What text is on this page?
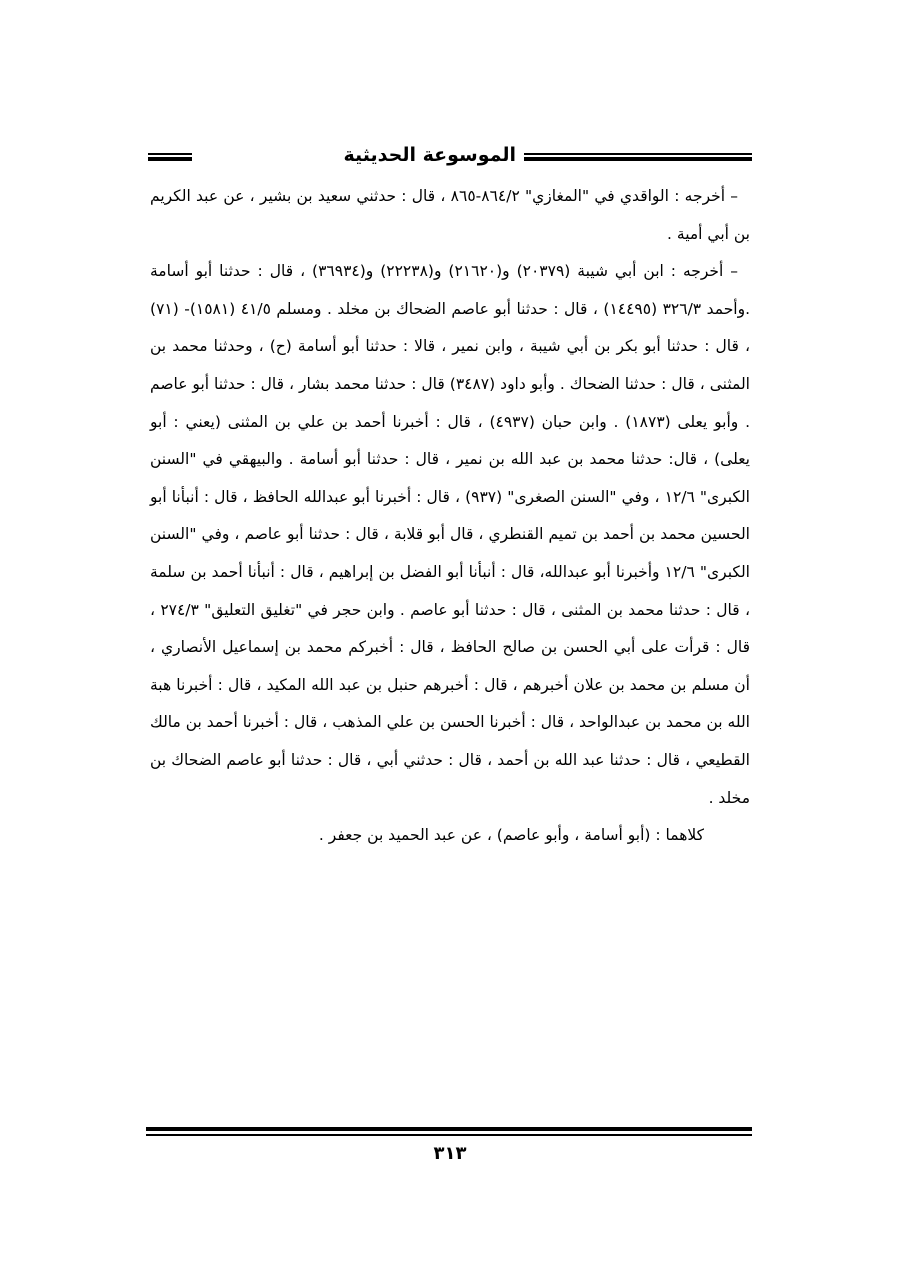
الموسوعة الحديثية

– أخرجه : الواقدي في "المغازي" ٨٦٤/٢-٨٦٥ ، قال : حدثني سعيد بن بشير ، عن عبد الكريم بن أبي أمية .

– أخرجه : ابن أبي شيبة (٢٠٣٧٩) و(٢١٦٢٠) و(٢٢٢٣٨) و(٣٦٩٣٤) ، قال : حدثنا أبو أسامة .وأحمد ٣٢٦/٣ (١٤٤٩٥) ، قال : حدثنا أبو عاصم الضحاك بن مخلد . ومسلم ٤١/٥ (١٥٨١)- (٧١) ، قال : حدثنا أبو بكر بن أبي شيبة ، وابن نمير ، قالا : حدثنا أبو أسامة (ح) ، وحدثنا محمد بن المثنى ، قال : حدثنا الضحاك . وأبو داود (٣٤٨٧) قال : حدثنا محمد بشار ، قال : حدثنا أبو عاصم . وأبو يعلى (١٨٧٣) . وابن حبان (٤٩٣٧) ، قال : أخبرنا أحمد بن علي بن المثنى (يعني : أبو يعلى) ، قال: حدثنا محمد بن عبد الله بن نمير ، قال : حدثنا أبو أسامة . والبيهقي في "السنن الكبرى" ١٢/٦ ، وفي "السنن الصغرى" (٩٣٧) ، قال : أخبرنا أبو عبدالله الحافظ ، قال : أنبأنا أبو الحسين محمد بن أحمد بن تميم القنطري ، قال أبو قلابة ، قال : حدثنا أبو عاصم ، وفي "السنن الكبرى" ١٢/٦ وأخبرنا أبو عبدالله، قال : أنبأنا أبو الفضل بن إبراهيم ، قال : أنبأنا أحمد بن سلمة ، قال : حدثنا محمد بن المثنى ، قال : حدثنا أبو عاصم . وابن حجر في "تغليق التعليق" ٢٧٤/٣ ، قال : قرأت على أبي الحسن بن صالح الحافظ ، قال : أخبركم محمد بن إسماعيل الأنصاري ، أن مسلم بن محمد بن علان أخبرهم ، قال : أخبرهم حنبل بن عبد الله المكيد ، قال : أخبرنا هبة الله بن محمد بن عبدالواحد ، قال : أخبرنا الحسن بن علي المذهب ، قال : أخبرنا أحمد بن مالك القطيعي ، قال : حدثنا عبد الله بن أحمد ، قال : حدثني أبي ، قال : حدثنا أبو عاصم الضحاك بن مخلد .

كلاهما : (أبو أسامة ، وأبو عاصم) ، عن عبد الحميد بن جعفر .

٣١٣
